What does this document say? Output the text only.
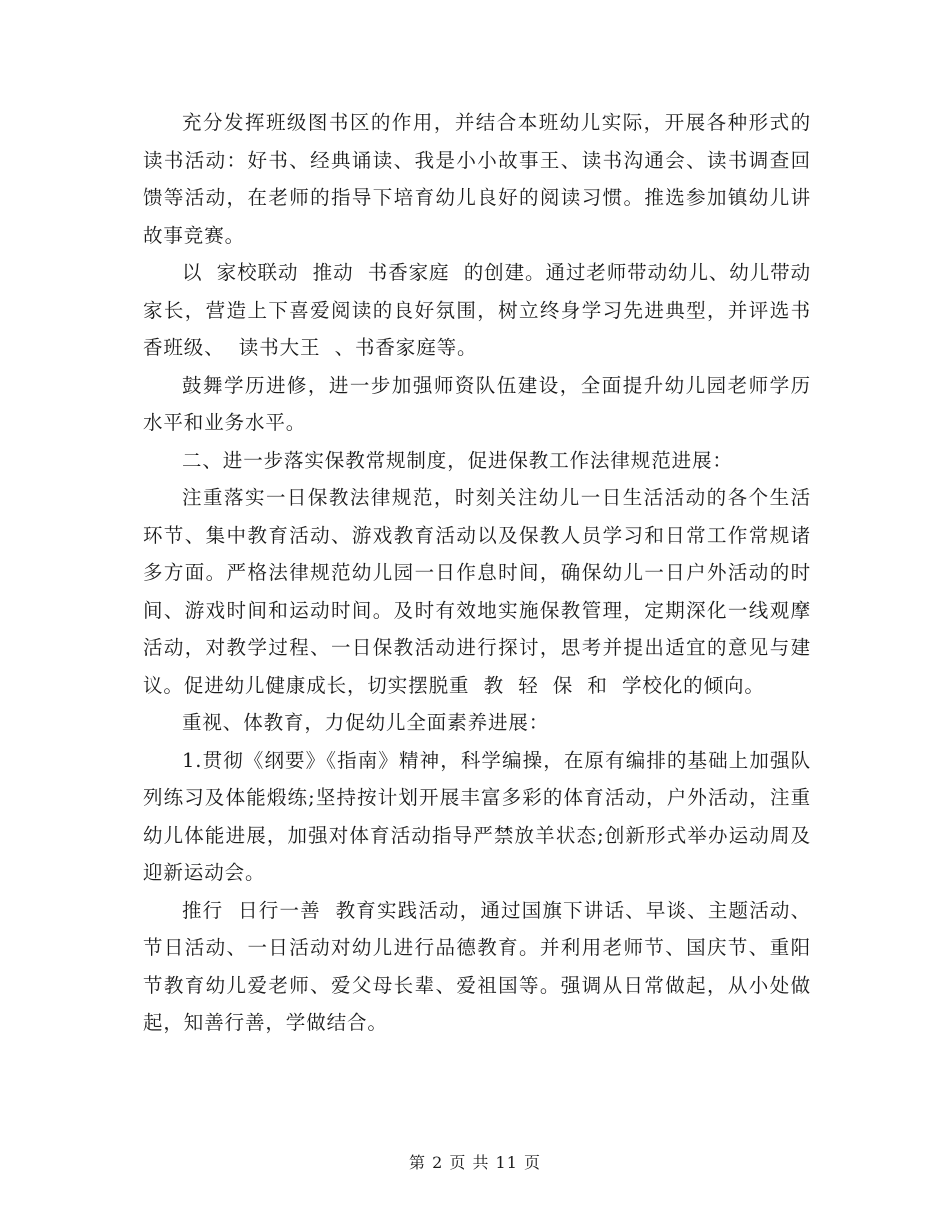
充分发挥班级图书区的作用，并结合本班幼儿实际，开展各种形式的读书活动：好书、经典诵读、我是小小故事王、读书沟通会、读书调查回馈等活动，在老师的指导下培育幼儿良好的阅读习惯。推选参加镇幼儿讲故事竞赛。

以  家校联动  推动  书香家庭  的创建。通过老师带动幼儿、幼儿带动家长，营造上下喜爱阅读的良好氛围，树立终身学习先进典型，并评选书香班级、  读书大王  、书香家庭等。

鼓舞学历进修，进一步加强师资队伍建设，全面提升幼儿园老师学历水平和业务水平。

二、进一步落实保教常规制度，促进保教工作法律规范进展：

注重落实一日保教法律规范，时刻关注幼儿一日生活活动的各个生活环节、集中教育活动、游戏教育活动以及保教人员学习和日常工作常规诸多方面。严格法律规范幼儿园一日作息时间，确保幼儿一日户外活动的时间、游戏时间和运动时间。及时有效地实施保教管理，定期深化一线观摩活动，对教学过程、一日保教活动进行探讨，思考并提出适宜的意见与建议。促进幼儿健康成长，切实摆脱重  教  轻  保  和  学校化的倾向。

重视、体教育，力促幼儿全面素养进展：

1.贯彻《纲要》《指南》精神，科学编操，在原有编排的基础上加强队列练习及体能煅练;坚持按计划开展丰富多彩的体育活动，户外活动，注重幼儿体能进展，加强对体育活动指导严禁放羊状态;创新形式举办运动周及迎新运动会。

推行  日行一善  教育实践活动，通过国旗下讲话、早谈、主题活动、节日活动、一日活动对幼儿进行品德教育。并利用老师节、国庆节、重阳节教育幼儿爱老师、爱父母长辈、爱祖国等。强调从日常做起，从小处做起，知善行善，学做结合。

第 2 页 共 11 页
